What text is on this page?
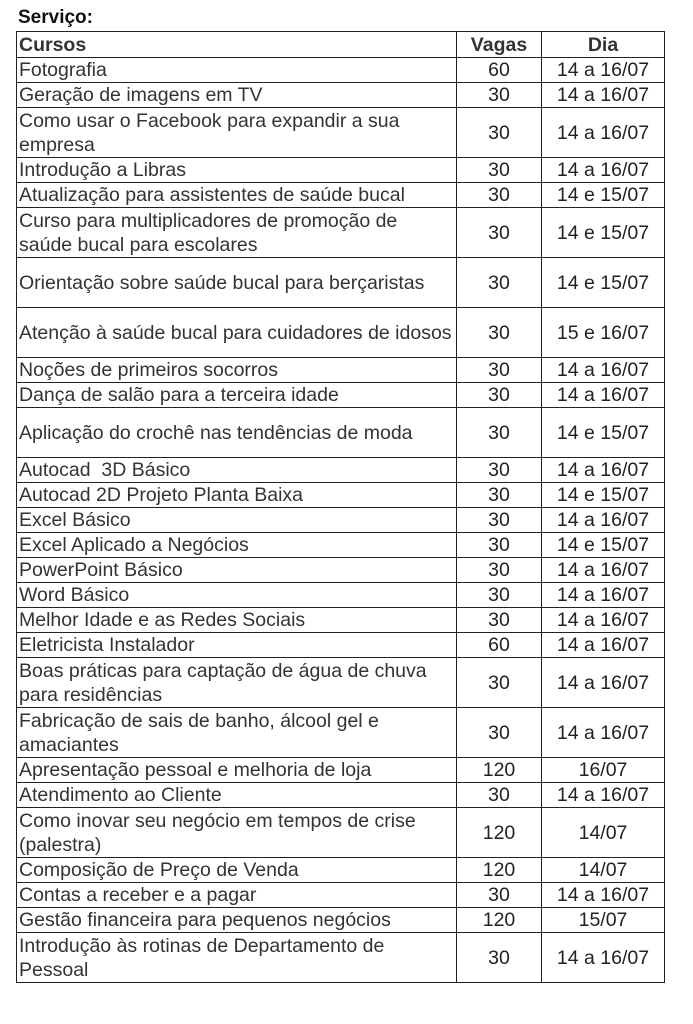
Serviço:
Cursos	Vagas	Dia
Fotografia	60	14 a 16/07
Geração de imagens em TV	30	14 a 16/07
Como usar o Facebook para expandir a sua empresa	30	14 a 16/07
Introdução a Libras	30	14 a 16/07
Atualização para assistentes de saúde bucal	30	14 e 15/07
Curso para multiplicadores de promoção de saúde bucal para escolares	30	14 e 15/07
Orientação sobre saúde bucal para berçaristas	30	14 e 15/07
Atenção à saúde bucal para cuidadores de idosos	30	15 e 16/07
Noções de primeiros socorros	30	14 a 16/07
Dança de salão para a terceira idade	30	14 a 16/07
Aplicação do crochê nas tendências de moda	30	14 e 15/07
Autocad  3D Básico	30	14 a 16/07
Autocad 2D Projeto Planta Baixa	30	14 e 15/07
Excel Básico	30	14 a 16/07
Excel Aplicado a Negócios	30	14 e 15/07
PowerPoint Básico	30	14 a 16/07
Word Básico	30	14 a 16/07
Melhor Idade e as Redes Sociais	30	14 a 16/07
Eletricista Instalador	60	14 a 16/07
Boas práticas para captação de água de chuva para residências	30	14 a 16/07
Fabricação de sais de banho, álcool gel e amaciantes	30	14 a 16/07
Apresentação pessoal e melhoria de loja	120	16/07
Atendimento ao Cliente	30	14 a 16/07
Como inovar seu negócio em tempos de crise (palestra)	120	14/07
Composição de Preço de Venda	120	14/07
Contas a receber e a pagar	30	14 a 16/07
Gestão financeira para pequenos negócios	120	15/07
Introdução às rotinas de Departamento de Pessoal	30	14 a 16/07
